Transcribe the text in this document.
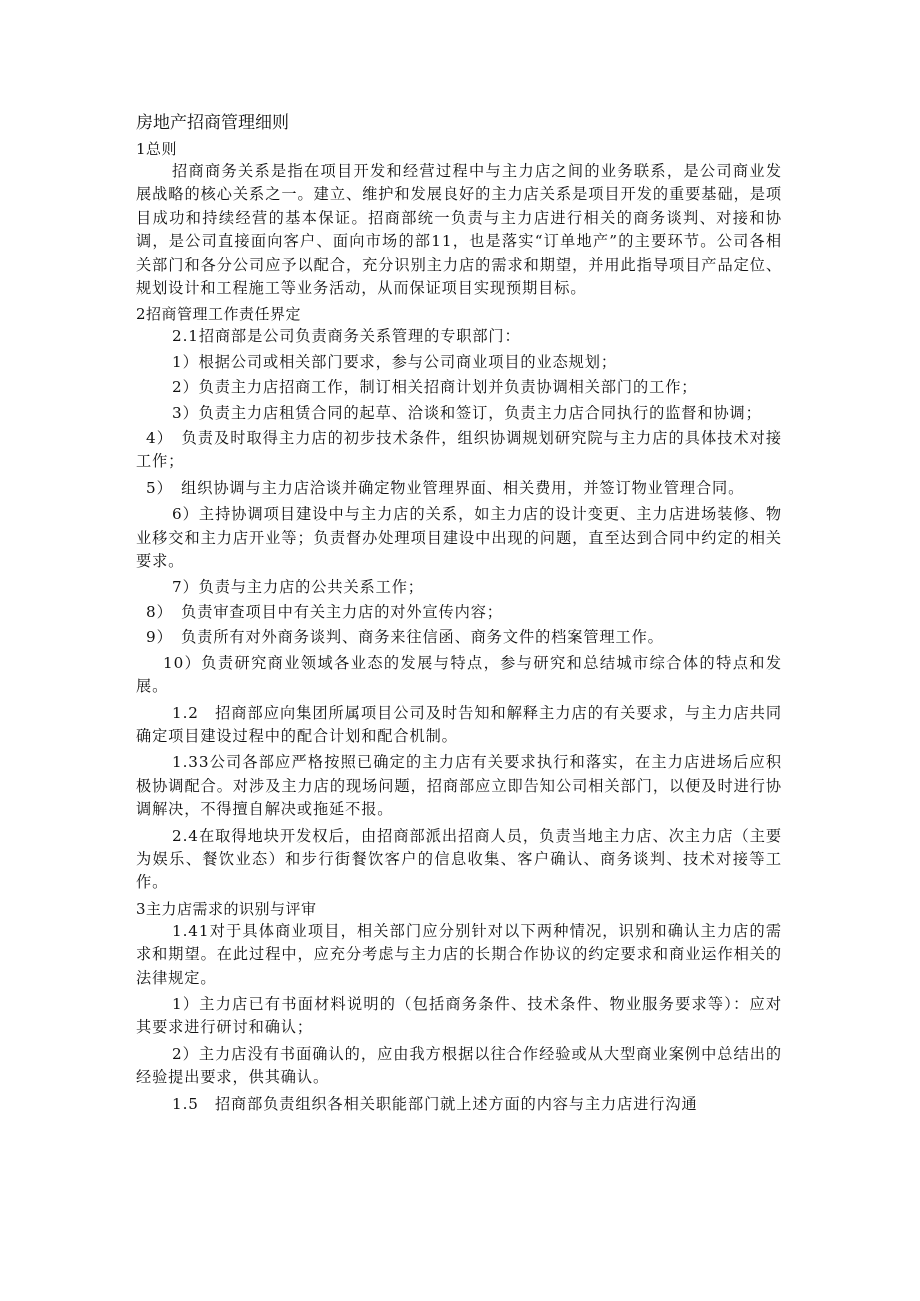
房地产招商管理细则
1总则

招商商务关系是指在项目开发和经营过程中与主力店之间的业务联系，是公司商业发展战略的核心关系之一。建立、维护和发展良好的主力店关系是项目开发的重要基础，是项目成功和持续经营的基本保证。招商部统一负责与主力店进行相关的商务谈判、对接和协调，是公司直接面向客户、面向市场的部11，也是落实“订单地产”的主要环节。公司各相关部门和各分公司应予以配合，充分识别主力店的需求和期望，并用此指导项目产品定位、规划设计和工程施工等业务活动，从而保证项目实现预期目标。

2招商管理工作责任界定

2.1招商部是公司负责商务关系管理的专职部门：

1）根据公司或相关部门要求，参与公司商业项目的业态规划；

2）负责主力店招商工作，制订相关招商计划并负责协调相关部门的工作；

3）负责主力店租赁合同的起草、洽谈和签订，负责主力店合同执行的监督和协调；

4）　负责及时取得主力店的初步技术条件，组织协调规划研究院与主力店的具体技术对接工作；

5）　组织协调与主力店洽谈并确定物业管理界面、相关费用，并签订物业管理合同。

6）主持协调项目建设中与主力店的关系，如主力店的设计变更、主力店进场装修、物业移交和主力店开业等；负责督办处理项目建设中出现的问题，直至达到合同中约定的相关要求。

7）负责与主力店的公共关系工作；

8）　负责审查项目中有关主力店的对外宣传内容；

9）　负责所有对外商务谈判、商务来往信函、商务文件的档案管理工作。

10）负责研究商业领域各业态的发展与特点，参与研究和总结城市综合体的特点和发展。

1.2　招商部应向集团所属项目公司及时告知和解释主力店的有关要求，与主力店共同确定项目建设过程中的配合计划和配合机制。

1.33公司各部应严格按照已确定的主力店有关要求执行和落实，在主力店进场后应积极协调配合。对涉及主力店的现场问题，招商部应立即告知公司相关部门，以便及时进行协调解决，不得擅自解决或拖延不报。

2.4在取得地块开发权后，由招商部派出招商人员，负责当地主力店、次主力店（主要为娱乐、餐饮业态）和步行街餐饮客户的信息收集、客户确认、商务谈判、技术对接等工作。

3主力店需求的识别与评审

1.41对于具体商业项目，相关部门应分别针对以下两种情况，识别和确认主力店的需求和期望。在此过程中，应充分考虑与主力店的长期合作协议的约定要求和商业运作相关的法律规定。

1）主力店已有书面材料说明的（包括商务条件、技术条件、物业服务要求等）：应对其要求进行研讨和确认；

2）主力店没有书面确认的，应由我方根据以往合作经验或从大型商业案例中总结出的经验提出要求，供其确认。

1.5　招商部负责组织各相关职能部门就上述方面的内容与主力店进行沟通
